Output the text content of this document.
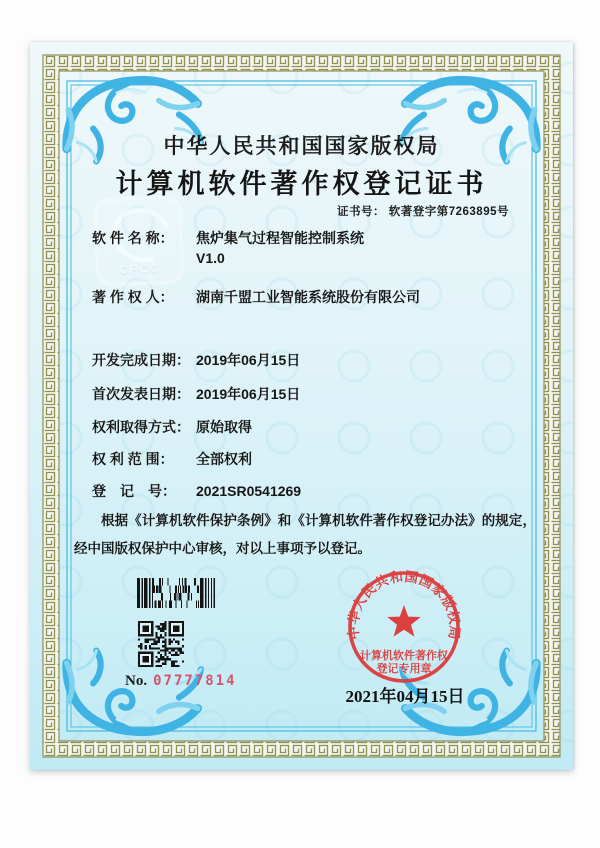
CPCC
中华人民共和国国家版权局
计算机软件著作权登记证书
证书号： 软著登字第7263895号
软 件 名 称：	焦炉集气过程智能控制系统
V1.0
著 作 权 人：	湖南千盟工业智能系统股份有限公司
开发完成日期： 2019年06月15日
首次发表日期： 2019年06月15日
权利取得方式： 原始取得
权 利 范 围：	全部权利
登　记　号：	2021SR0541269
根据《计算机软件保护条例》和《计算机软件著作权登记办法》的规定，经中国版权保护中心审核，对以上事项予以登记。
No. 07777814
中华人民共和国国家版权局
计算机软件著作权
登记专用章
2021年04月15日
